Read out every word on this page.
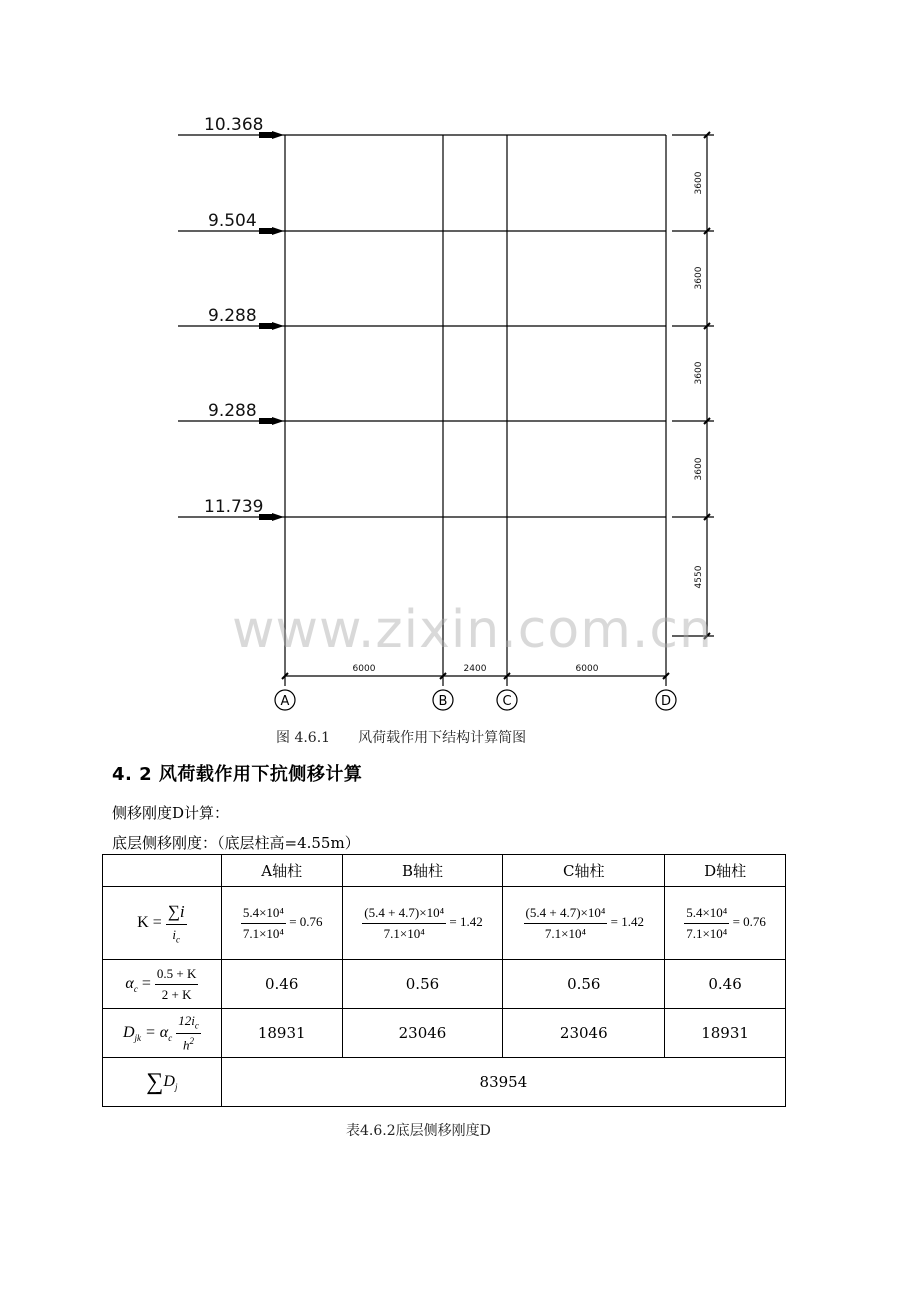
10.368
9.504
9.288
9.288
11.739
3600
3600
3600
3600
4550
6000	2400	6000
A	B	C	D
www.zixin.com.cn
图 4.6.1　　风荷载作用下结构计算简图
4. 2 风荷载作用下抗侧移计算
侧移刚度D计算：
底层侧移刚度：（底层柱高=4.55m）
	A轴柱	B轴柱	C轴柱	D轴柱
$K = \frac{\sum i}{i_c}$	$\frac{\text{5.4×10⁴}}{\text{7.1×10⁴}} = 0.76$	$\frac{\text{(5.4 + 4.7)×10⁴}}{\text{7.1×10⁴}} = 1.42$	$\frac{\text{(5.4 + 4.7)×10⁴}}{\text{7.1×10⁴}} = 1.42$	$\frac{\text{5.4×10⁴}}{\text{7.1×10⁴}} = 0.76$
$\alpha_c = \frac{0.5 + K}{2 + K}$	0.46	0.56	0.56	0.46
$D_{jk} = \alpha_c \frac{12i_c}{h^2}$	18931	23046	23046	18931
$\sum D_j$	83954			
表4.6.2底层侧移刚度D
